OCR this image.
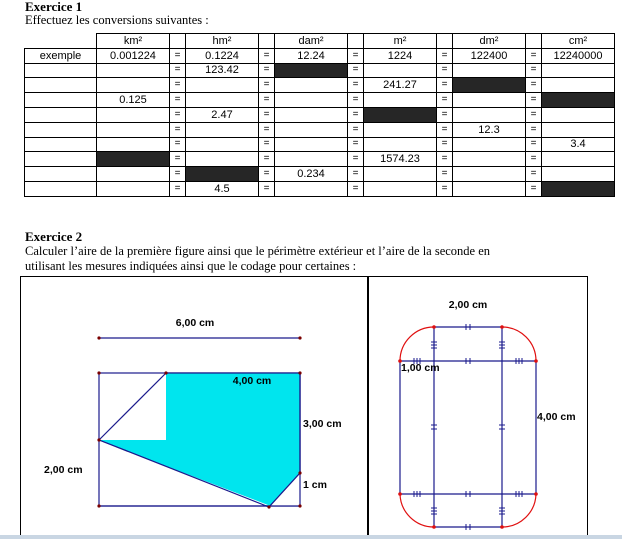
Exercice 1
Effectuez les conversions suivantes :
	km²		hm²		dam²		m²		dm²		cm²
exemple	0.001224	=	0.1224	=	12.24	=	1224	=	122400	=	12240000
		=	123.42	=		=		=		=	
		=		=		=	241.27	=		=	
	0.125	=		=		=		=		=	
		=	2.47	=		=		=		=	
		=		=		=		=	12.3	=	
		=		=		=		=		=	3.4
		=		=		=	1574.23	=		=	
		=		=	0.234	=		=		=	
		=	4.5	=		=		=		=	
Exercice 2
Calculer l’aire de la première figure ainsi que le périmètre extérieur et l’aire de la seconde en
utilisant les mesures indiquées ainsi que le codage pour certaines :
6,00 cm
4,00 cm
3,00 cm
2,00 cm
1 cm
2,00 cm
1,00 cm
4,00 cm
